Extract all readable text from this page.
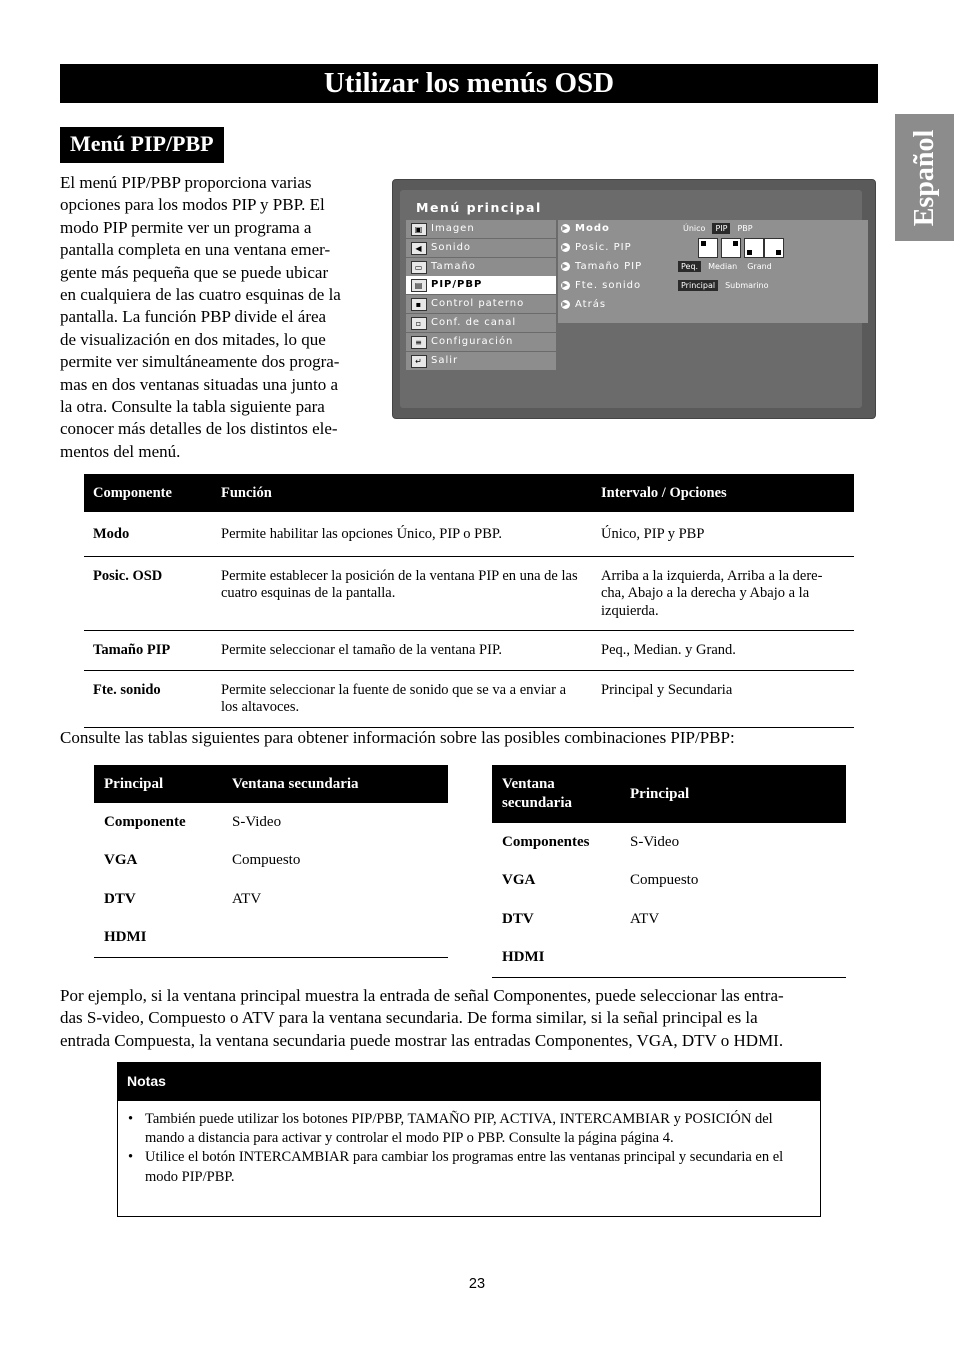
Utilizar los menús OSD
Español
Menú PIP/PBP

El menú PIP/PBP proporciona varias

opciones para los modos PIP y PBP. El

modo PIP permite ver un programa a

pantalla completa en una ventana emer-

gente más pequeña que se puede ubicar

en cualquiera de las cuatro esquinas de la

pantalla. La función PBP divide el área

de visualización en dos mitades, lo que

permite ver simultáneamente dos progra-

mas en dos ventanas situadas una junto a

la otra. Consulte la tabla siguiente para

conocer más detalles de los distintos ele-

mentos del menú.

Menú principal
▣ Imagen
◀ Sonido
▭ Tamaño
▤ PIP/PBP
▪ Control paterno
▫ Conf. de canal
≡ Configuración
↵ Salir
▶ Modo
▶ Posic. PIP
▶ Tamaño PIP
▶ Fte. sonido
▶ Atrás
Único PIP PBP
Peq. Median Grand
Principal Submarino
Componente	Función	Intervalo / Opciones
Modo	Permite habilitar las opciones Único, PIP o PBP.	Único, PIP y PBP
Posic. OSD	Permite establecer la posición de la ventana PIP en una de las cuatro esquinas de la pantalla.	Arriba a la izquierda, Arriba a la dere-cha, Abajo a la derecha y Abajo a la izquierda.
Tamaño PIP	Permite seleccionar el tamaño de la ventana PIP.	Peq., Median. y Grand.
Fte. sonido	Permite seleccionar la fuente de sonido que se va a enviar a los altavoces.	Principal y Secundaria
Consulte las tablas siguientes para obtener información sobre las posibles combinaciones PIP/PBP:
Principal	Ventana secundaria
Componente	S-Video
VGA	Compuesto
DTV	ATV
HDMI	
Ventana secundaria	Principal
Componentes	S-Video
VGA	Compuesto
DTV	ATV
HDMI	

Por ejemplo, si la ventana principal muestra la entrada de señal Componentes, puede seleccionar las entra-

das S-video, Compuesto o ATV para la ventana secundaria. De forma similar, si la señal principal es la

entrada Compuesta, la ventana secundaria puede mostrar las entradas Componentes, VGA, DTV o HDMI.

Notas
• También puede utilizar los botones PIP/PBP, TAMAÑO PIP, ACTIVA, INTERCAMBIAR y POSICIÓN del mando a distancia para activar y controlar el modo PIP o PBP. Consulte la página página 4.
• Utilice el botón INTERCAMBIAR para cambiar los programas entre las ventanas principal y secundaria en el modo PIP/PBP.
23
